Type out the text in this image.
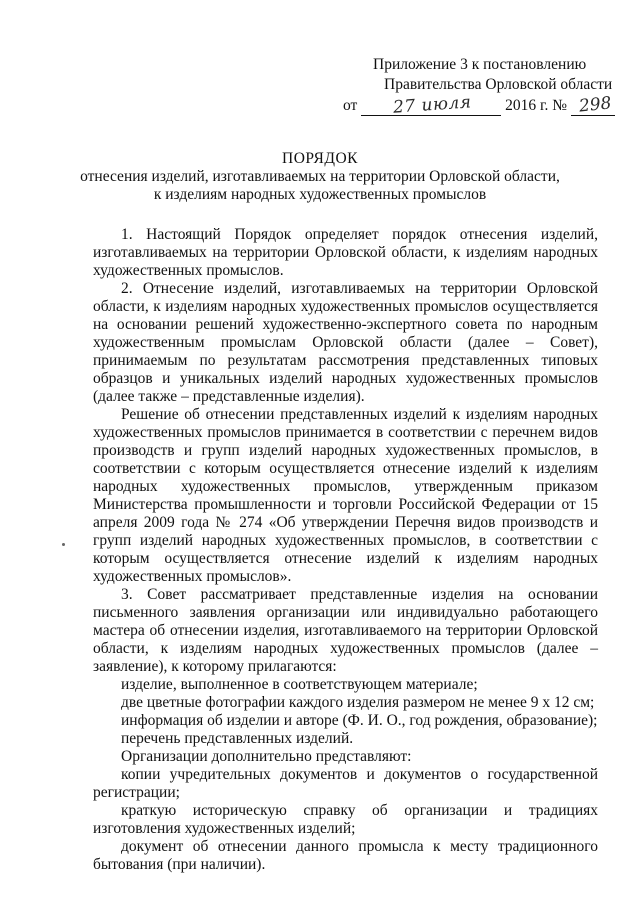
Приложение 3 к постановлению
Правительства Орловской области
от 27 июля 2016 г. № 298
ПОРЯДОК
отнесения изделий, изготавливаемых на территории Орловской области,
к изделиям народных художественных промыслов

1. Настоящий Порядок определяет порядок отнесения изделий, изготавливаемых на территории Орловской области, к изделиям народных художественных промыслов.

2. Отнесение изделий, изготавливаемых на территории Орловской области, к изделиям народных художественных промыслов осуществляется на основании решений художественно-экспертного совета по народным художественным промыслам Орловской области (далее – Совет), принимаемым по результатам рассмотрения представленных типовых образцов и уникальных изделий народных художественных промыслов (далее также – представленные изделия).

Решение об отнесении представленных изделий к изделиям народных художественных промыслов принимается в соответствии с перечнем видов производств и групп изделий народных художественных промыслов, в соответствии с которым осуществляется отнесение изделий к изделиям народных художественных промыслов, утвержденным приказом Министерства промышленности и торговли Российской Федерации от 15 апреля 2009 года № 274 «Об утверждении Перечня видов производств и групп изделий народных художественных промыслов, в соответствии с которым осуществляется отнесение изделий к изделиям народных художественных промыслов».

3. Совет рассматривает представленные изделия на основании письменного заявления организации или индивидуально работающего мастера об отнесении изделия, изготавливаемого на территории Орловской области, к изделиям народных художественных промыслов (далее – заявление), к которому прилагаются:

изделие, выполненное в соответствующем материале;

две цветные фотографии каждого изделия размером не менее 9 х 12 см;

информация об изделии и авторе (Ф. И. О., год рождения, образование);

перечень представленных изделий.

Организации дополнительно представляют:

копии учредительных документов и документов о государственной регистрации;

краткую историческую справку об организации и традициях изготовления художественных изделий;

документ об отнесении данного промысла к месту традиционного бытования (при наличии).
